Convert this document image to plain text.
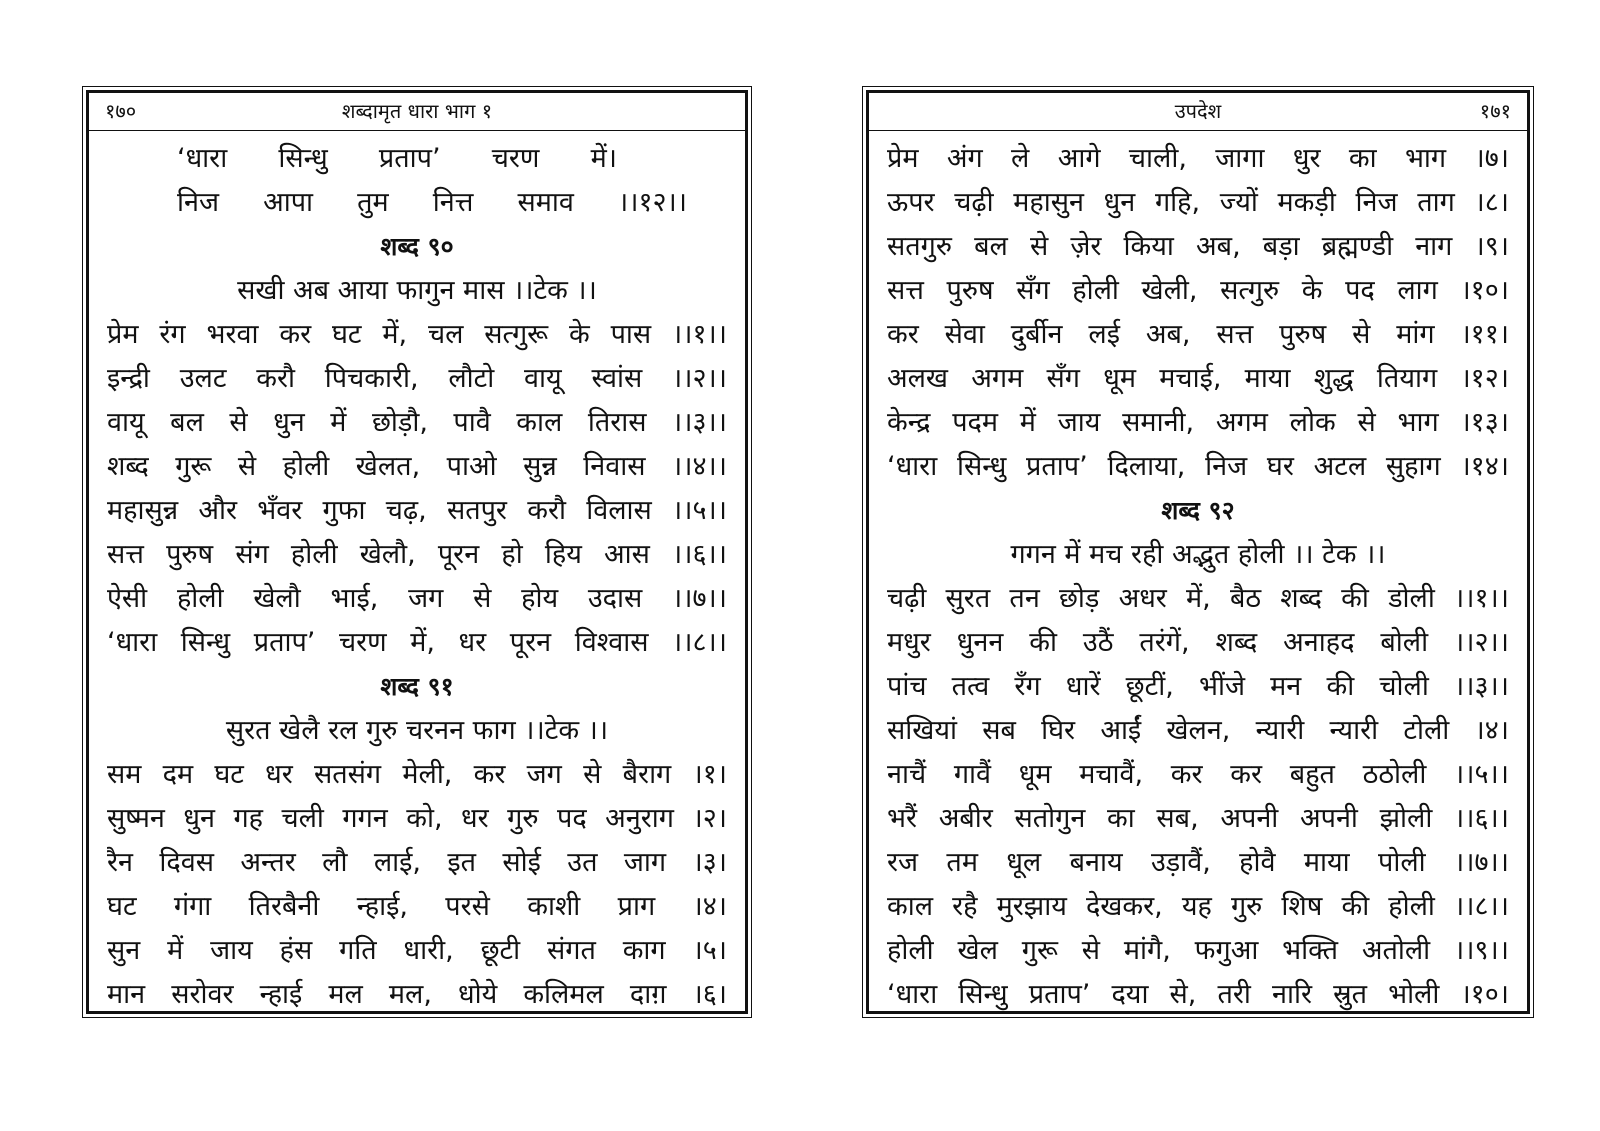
१७०	शब्दामृत धारा भाग १
‘धारा सिन्धु प्रताप’ चरण में।
निज आपा तुम नित्त समाव ।।१२।।
शब्द ९०
सखी अब आया फागुन मास ।।टेक ।।
प्रेम रंग भरवा कर घट में, चल सत्गुरू के पास ।।१।।
इन्द्री उलट करौ पिचकारी, लौटो वायू स्वांस ।।२।।
वायू बल से धुन में छोड़ौ, पावै काल तिरास ।।३।।
शब्द गुरू से होली खेलत, पाओ सुन्न निवास ।।४।।
महासुन्न और भँवर गुफा चढ़, सतपुर करौ विलास ।।५।।
सत्त पुरुष संग होली खेलौ, पूरन हो हिय आस ।।६।।
ऐसी होली खेलौ भाई, जग से होय उदास ।।७।।
‘धारा सिन्धु प्रताप’ चरण में, धर पूरन विश्वास ।।८।।
शब्द ९१
सुरत खेलै रल गुरु चरनन फाग ।।टेक ।।
सम दम घट धर सतसंग मेली, कर जग से बैराग ।१।
सुष्मन धुन गह चली गगन को, धर गुरु पद अनुराग ।२।
रैन दिवस अन्तर लौ लाई, इत सोई उत जाग ।३।
घट गंगा तिरबैनी न्हाई, परसे काशी प्राग ।४।
सुन में जाय हंस गति धारी, छूटी संगत काग ।५।
मान सरोवर न्हाई मल मल, धोये कलिमल दाग़ ।६।
उपदेश	१७१
प्रेम अंग ले आगे चाली, जागा धुर का भाग ।७।
ऊपर चढ़ी महासुन धुन गहि, ज्यों मकड़ी निज ताग ।८।
सतगुरु बल से ज़ेर किया अब, बड़ा ब्रह्मण्डी नाग ।९।
सत्त पुरुष सँग होली खेली, सत्गुरु के पद लाग ।१०।
कर सेवा दुर्बीन लई अब, सत्त पुरुष से मांग ।११।
अलख अगम सँग धूम मचाई, माया शुद्ध तियाग ।१२।
केन्द्र पदम में जाय समानी, अगम लोक से भाग ।१३।
‘धारा सिन्धु प्रताप’ दिलाया, निज घर अटल सुहाग ।१४।
शब्द ९२
गगन में मच रही अद्भुत होली ।। टेक ।।
चढ़ी सुरत तन छोड़ अधर में, बैठ शब्द की डोली ।।१।।
मधुर धुनन की उठैं तरंगें, शब्द अनाहद बोली ।।२।।
पांच तत्व रँग धारें छूटीं, भींजे मन की चोली ।।३।।
सखियां सब घिर आईं खेलन, न्यारी न्यारी टोली ।४।
नाचैं गावैं धूम मचावैं, कर कर बहुत ठठोली ।।५।।
भरैं अबीर सतोगुन का सब, अपनी अपनी झोली ।।६।।
रज तम धूल बनाय उड़ावैं, होवै माया पोली ।।७।।
काल रहै मुरझाय देखकर, यह गुरु शिष की होली ।।८।।
होली खेल गुरू से मांगै, फगुआ भक्ति अतोली ।।९।।
‘धारा सिन्धु प्रताप’ दया से, तरी नारि स्रुत भोली ।१०।
